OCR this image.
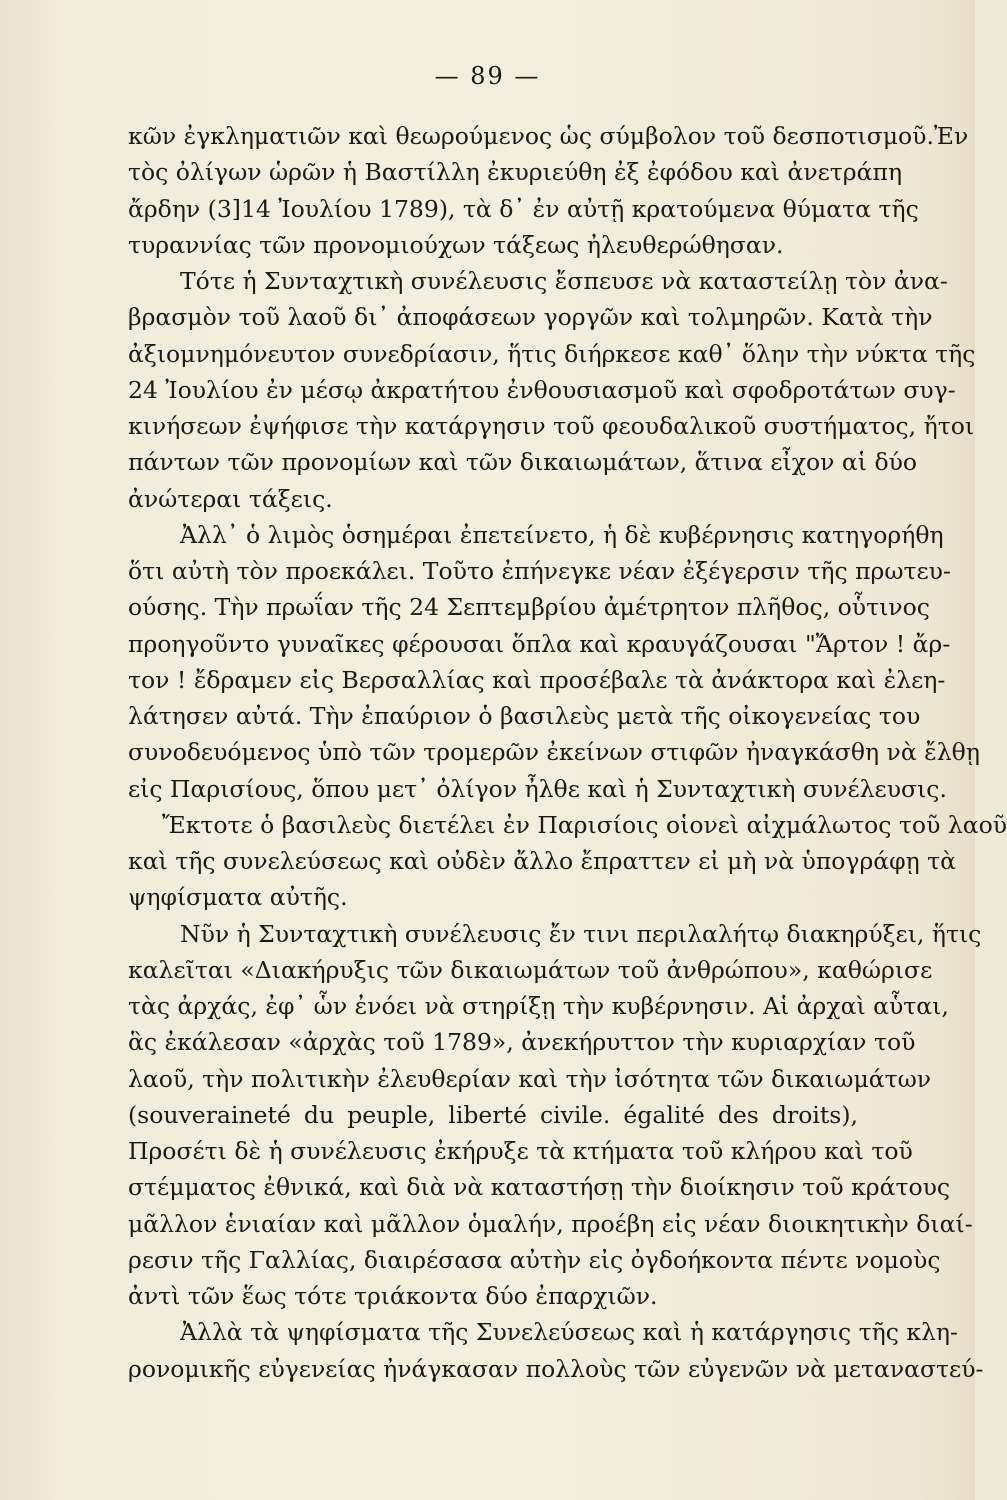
— 89 —
κῶν ἐγκληματιῶν καὶ θεωρούμενος ὡς σύμβολον τοῦ δεσποτισμοῦ.Ἐν
τὸς ὀλίγων ὡρῶν ἡ Βαστίλλη ἐκυριεύθη ἐξ ἐφόδου καὶ ἀνετράπη
ἄρδην (3]14 Ἰουλίου 1789), τὰ δ᾽ ἐν αὐτῇ κρατούμενα θύματα τῆς
τυραννίας τῶν προνομιούχων τάξεως ἠλευθερώθησαν.
Τότε ἡ Συνταχτικὴ συνέλευσις ἔσπευσε νὰ καταστείλῃ τὸν ἀνα-
βρασμὸν τοῦ λαοῦ δι᾽ ἀποφάσεων γοργῶν καὶ τολμηρῶν. Κατὰ τὴν
ἀξιομνημόνευτον συνεδρίασιν, ἥτις διήρκεσε καθ᾽ ὅλην τὴν νύκτα τῆς
24 Ἰουλίου ἐν μέσῳ ἀκρατήτου ἐνθουσιασμοῦ καὶ σφοδροτάτων συγ-
κινήσεων ἐψήφισε τὴν κατάργησιν τοῦ φεουδαλικοῦ συστήματος, ἤτοι
πάντων τῶν προνομίων καὶ τῶν δικαιωμάτων, ἅτινα εἶχον αἱ δύο
ἀνώτεραι τάξεις.
Ἀλλ᾽ ὁ λιμὸς ὁσημέραι ἐπετείνετο, ἡ δὲ κυβέρνησις κατηγορήθη
ὅτι αὐτὴ τὸν προεκάλει. Τοῦτο ἐπήνεγκε νέαν ἐξέγερσιν τῆς πρωτευ-
ούσης. Τὴν πρωΐαν τῆς 24 Σεπτεμβρίου ἀμέτρητον πλῆθος, οὗτινος
προηγοῦντο γυναῖκες φέρουσαι ὅπλα καὶ κραυγάζουσαι "Ἄρτον ! ἄρ-
τον ! ἔδραμεν εἰς Βερσαλλίας καὶ προσέβαλε τὰ ἀνάκτορα καὶ ἐλεη-
λάτησεν αὐτά. Τὴν ἐπαύριον ὁ βασιλεὺς μετὰ τῆς οἰκογενείας του
συνοδευόμενος ὑπὸ τῶν τρομερῶν ἐκείνων στιφῶν ἠναγκάσθη νὰ ἔλθῃ
εἰς Παρισίους, ὅπου μετ᾽ ὀλίγον ἦλθε καὶ ἡ Συνταχτικὴ συνέλευσις.
Ἔκτοτε ὁ βασιλεὺς διετέλει ἐν Παρισίοις οἱονεὶ αἰχμάλωτος τοῦ λαοῦ
καὶ τῆς συνελεύσεως καὶ οὐδὲν ἄλλο ἔπραττεν εἰ μὴ νὰ ὑπογράφῃ τὰ
ψηφίσματα αὐτῆς.
Νῦν ἡ Συνταχτικὴ συνέλευσις ἔν τινι περιλαλήτῳ διακηρύξει, ἥτις
καλεῖται «Διακήρυξις τῶν δικαιωμάτων τοῦ ἀνθρώπου», καθώρισε
τὰς ἀρχάς, ἐφ᾽ ὧν ἐνόει νὰ στηρίξῃ τὴν κυβέρνησιν. Αἱ ἀρχαὶ αὗται,
ἃς ἐκάλεσαν «ἀρχὰς τοῦ 1789», ἀνεκήρυττον τὴν κυριαρχίαν τοῦ
λαοῦ, τὴν πολιτικὴν ἐλευθερίαν καὶ τὴν ἰσότητα τῶν δικαιωμάτων
(souveraineté du peuple, liberté civile. égalité des droits),
Προσέτι δὲ ἡ συνέλευσις ἐκήρυξε τὰ κτήματα τοῦ κλήρου καὶ τοῦ
στέμματος ἐθνικά, καὶ διὰ νὰ καταστήσῃ τὴν διοίκησιν τοῦ κράτους
μᾶλλον ἑνιαίαν καὶ μᾶλλον ὁμαλήν, προέβη εἰς νέαν διοικητικὴν διαί-
ρεσιν τῆς Γαλλίας, διαιρέσασα αὐτὴν εἰς ὀγδοήκοντα πέντε νομοὺς
ἀντὶ τῶν ἕως τότε τριάκοντα δύο ἐπαρχιῶν.
Ἀλλὰ τὰ ψηφίσματα τῆς Συνελεύσεως καὶ ἡ κατάργησις τῆς κλη-
ρονομικῆς εὐγενείας ἠνάγκασαν πολλοὺς τῶν εὐγενῶν νὰ μεταναστεύ-
